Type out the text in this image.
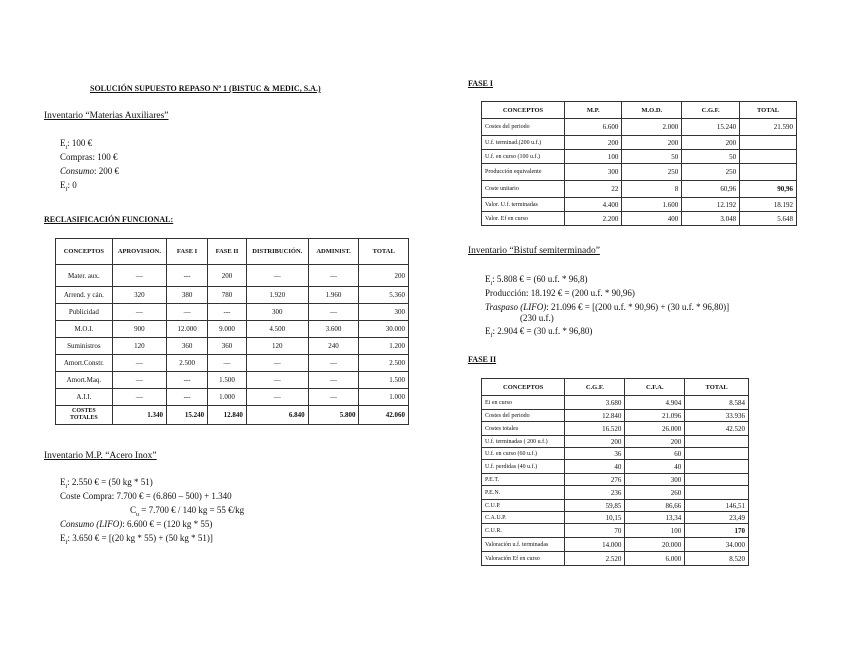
SOLUCIÓN SUPUESTO REPASO Nº 1 (BISTUC & MEDIC, S.A.)
Inventario “Materias Auxiliares”
$E_i$: 100 €
Compras: 100 €
Consumo: 200 €
$E_f$: 0
RECLASIFICACIÓN FUNCIONAL:
CONCEPTOS	APROVISION.	FASE I	FASE II	DISTRIBUCIÓN.	ADMINIST.	TOTAL
Mater. aux.	—	---	200	—	—	200
Arrend. y cán.	320	380	780	1.920	1.960	5.360
Publicidad	—	—	---	300	—	300
M.O.I.	900	12.000	9.000	4.500	3.600	30.000
Suministros	120	360	360	120	240	1.200
Amort.Constr.	—	2.500	—	—	—	2.500
Amort.Maq.	—	---	1.500	—	—	1.500
A.I.I.	—	---	1.000	—	—	1.000
COSTES TOTALES	1.340	15.240	12.840	6.840	5.800	42.060
Inventario M.P. “Acero Inox”
$E_i$: 2.550 € = (50 kg * 51)
Coste Compra: 7.700 € = (6.860 – 500) + 1.340
$C_u = 7.700$ € / 140 kg = 55 €/kg
Consumo (LIFO): 6.600 € = (120 kg * 55)
$E_f$: 3.650 € = [(20 kg * 55) + (50 kg * 51)]
FASE I
CONCEPTOS	M.P.	M.O.D.	C.G.F.	TOTAL
Costes del periodo	6.600	2.000	15.240	21.590
U.f. terminad.(200 u.f.)	200	200	200	
U.f. en curso (100 u.f.)	100	50	50	
Producción equivalente	300	250	250	
Coste unitario	22	8	60,96	90,96
Valor. U.f. terminadas	4.400	1.600	12.192	18.192
Valor. Ef en curso	2.200	400	3.048	5.648
Inventario “Bistuf semiterminado”
$E_i$: 5.808 € = (60 u.f. * 96,8)
Producción: 18.192 € = (200 u.f. * 90,96)
Traspaso (LIFO): 21.096 € = [(200 u.f. * 90,96) + (30 u.f. * 96,80)]
(230 u.f.)
$E_f$: 2.904 € = (30 u.f. * 96,80)
FASE II
CONCEPTOS	C.G.F.	C.F.A.	TOTAL
Ei en curso	3.680	4.904	8.584
Costes del periodo	12.840	21.096	33.936
Costes totales	16.520	26.000	42.520
U.f. terminadas ( 200 u.f.)	200	200	
U.f. en curso (60 u.f.)	36	60	
U.f. perdidas (40 u.f.)	40	40	
P.E.T.	276	300	
P.E.N.	236	260	
C.U.P.	59,85	86,66	146,51
C.A.U.P.	10,15	13,34	23,49
C.U.R.	70	100	170
Valoración u.f. terminadas	14.000	20.000	34.000
Valoración Ef en curso	2.520	6.000	8.520
